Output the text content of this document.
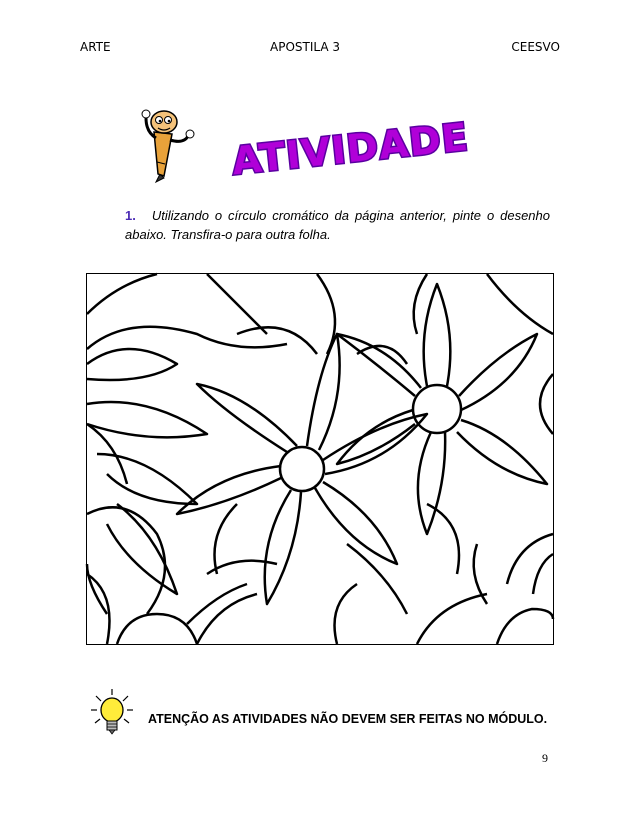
ARTE	APOSTILA 3	CEESVO
ATIVIDADE
1. Utilizando o círculo cromático da página anterior, pinte o desenho abaixo. Transfira-o para outra folha.
ATENÇÃO AS ATIVIDADES NÃO DEVEM SER FEITAS NO MÓDULO.
9
